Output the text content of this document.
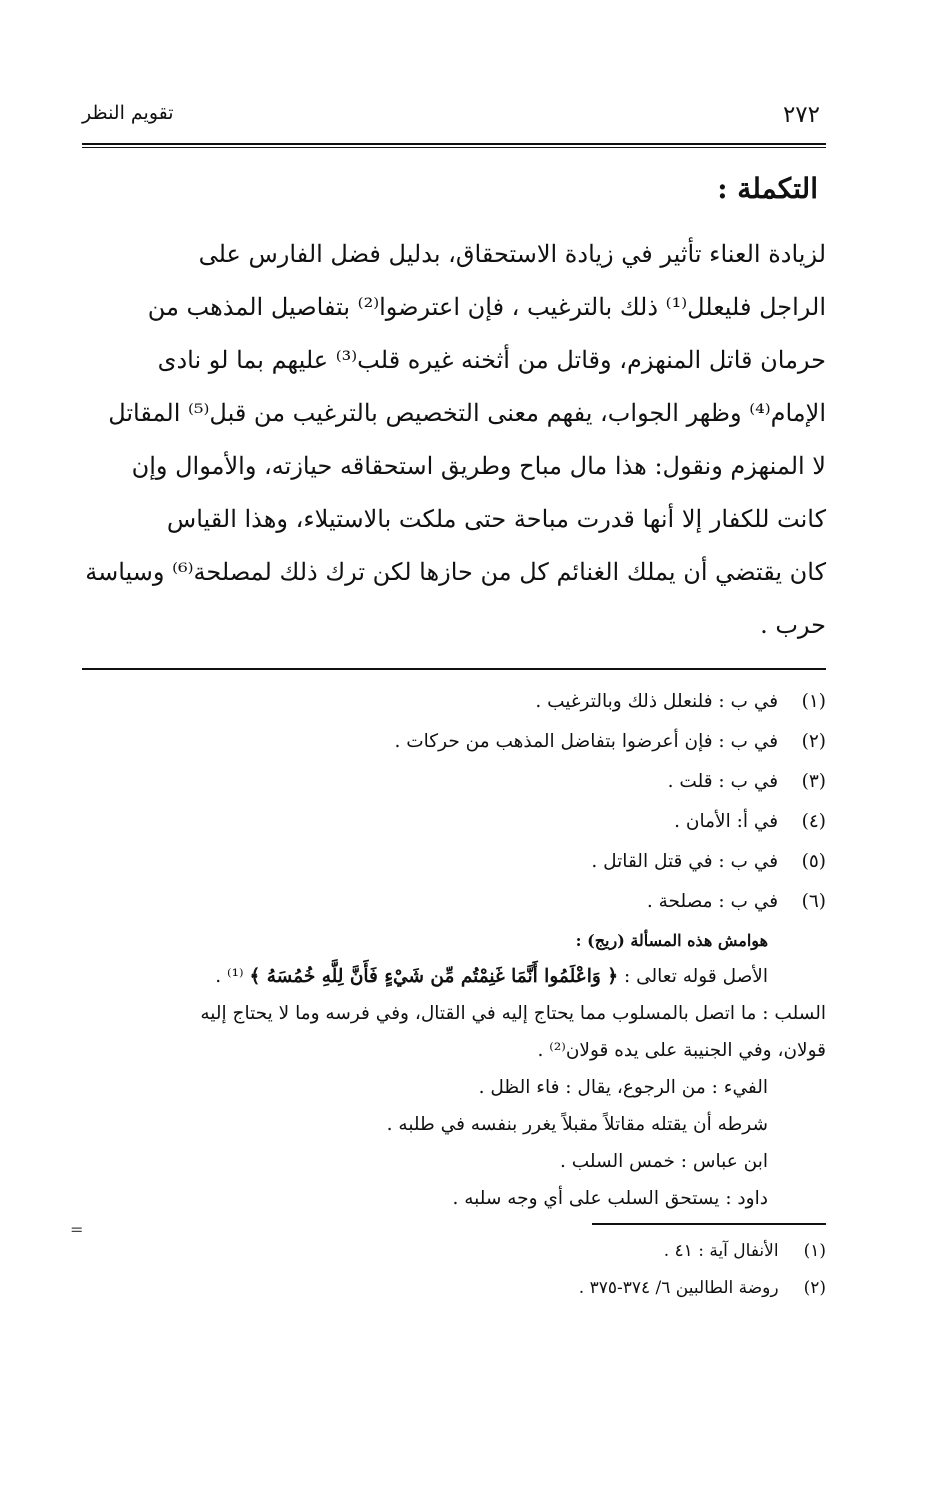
٢٧٢
تقويم النظر
التكملة :

لزيادة العناء تأثير في زيادة الاستحقاق، بدليل فضل الفارس على

الراجل فليعلل⁽¹⁾ ذلك بالترغيب ، فإن اعترضوا⁽²⁾ بتفاصيل المذهب من

حرمان قاتل المنهزم، وقاتل من أثخنه غيره قلب⁽³⁾ عليهم بما لو نادى

الإمام⁽⁴⁾ وظهر الجواب، يفهم معنى التخصيص بالترغيب من قبل⁽⁵⁾ المقاتل

لا المنهزم ونقول: هذا مال مباح وطريق استحقاقه حيازته، والأموال وإن

كانت للكفار إلا أنها قدرت مباحة حتى ملكت بالاستيلاء، وهذا القياس

كان يقتضي أن يملك الغنائم كل من حازها لكن ترك ذلك لمصلحة⁽⁶⁾ وسياسة

حرب .

(١) في ب : فلنعلل ذلك وبالترغيب .
(٢) في ب : فإن أعرضوا بتفاضل المذهب من حركات .
(٣) في ب : قلت .
(٤) في أ: الأمان .
(٥) في ب : في قتل القاتل .
(٦) في ب : مصلحة .
هوامش هذه المسألة (ريج) :
الأصل قوله تعالى : ﴿ وَاعْلَمُوا أَنَّمَا غَنِمْتُم مِّن شَيْءٍ فَأَنَّ لِلَّهِ خُمُسَهُ ﴾ ⁽¹⁾ .
السلب : ما اتصل بالمسلوب مما يحتاج إليه في القتال، وفي فرسه وما لا يحتاج إليه
قولان، وفي الجنيبة على يده قولان⁽²⁾ .
الفيء : من الرجوع، يقال : فاء الظل .
شرطه أن يقتله مقاتلاً مقبلاً يغرر بنفسه في طلبه .
ابن عباس : خمس السلب .
داود : يستحق السلب على أي وجه سلبه .
(١) الأنفال آية : ٤١ .
(٢) روضة الطالبين ٦/ ٣٧٤-٣٧٥ .
=
